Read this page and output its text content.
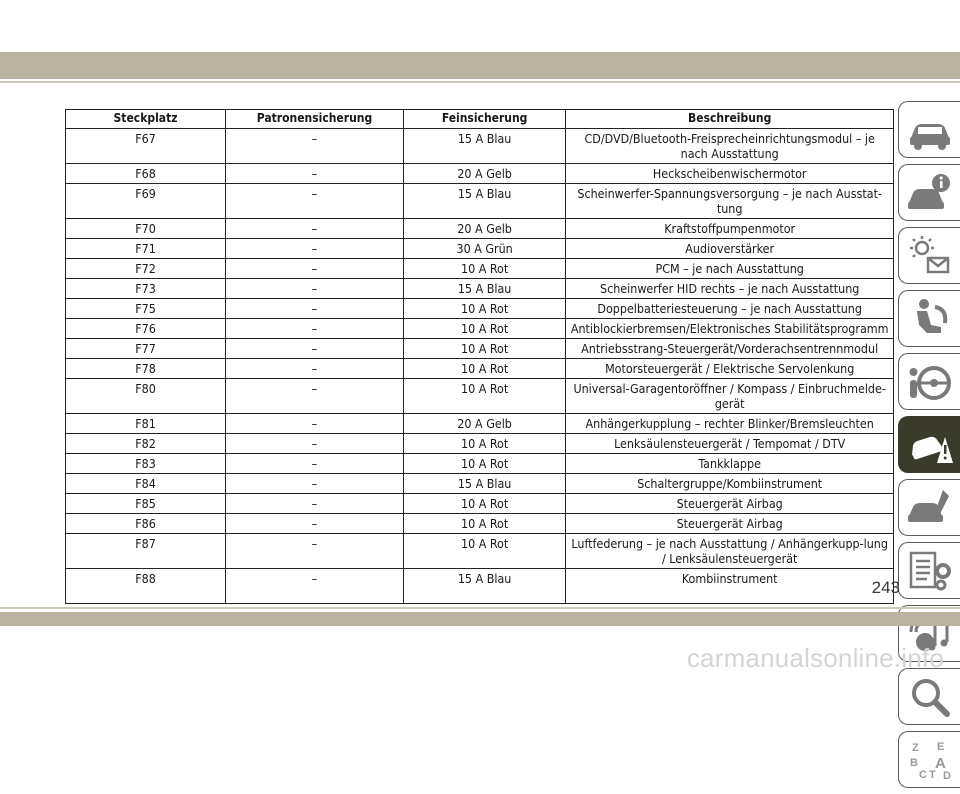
Steckplatz	Patronensicherung	Feinsicherung	Beschreibung
F67	–	15 A Blau	CD/DVD/Bluetooth-Freisprecheinrichtungsmodul – je nach Ausstattung
F68	–	20 A Gelb	Heckscheibenwischermotor
F69	–	15 A Blau	Scheinwerfer-Spannungsversorgung – je nach Ausstat-tung
F70	–	20 A Gelb	Kraftstoffpumpenmotor
F71	–	30 A Grün	Audioverstärker
F72	–	10 A Rot	PCM – je nach Ausstattung
F73	–	15 A Blau	Scheinwerfer HID rechts – je nach Ausstattung
F75	–	10 A Rot	Doppelbatteriesteuerung – je nach Ausstattung
F76	–	10 A Rot	Antiblockierbremsen/Elektronisches Stabilitätsprogramm
F77	–	10 A Rot	Antriebsstrang-Steuergerät/Vorderachsentrennmodul
F78	–	10 A Rot	Motorsteuergerät / Elektrische Servolenkung
F80	–	10 A Rot	Universal-Garagentoröffner / Kompass / Einbruchmelde-gerät
F81	–	20 A Gelb	Anhängerkupplung – rechter Blinker/Bremsleuchten
F82	–	10 A Rot	Lenksäulensteuergerät / Tempomat / DTV
F83	–	10 A Rot	Tankklappe
F84	–	15 A Blau	Schaltergruppe/Kombiinstrument
F85	–	10 A Rot	Steuergerät Airbag
F86	–	10 A Rot	Steuergerät Airbag
F87	–	10 A Rot	Luftfederung – je nach Ausstattung / Anhängerkupp-lung / Lenksäulensteuergerät
F88	–	15 A Blau	Kombiinstrument
Z E
B A
C T D
243
carmanualsonline.info
